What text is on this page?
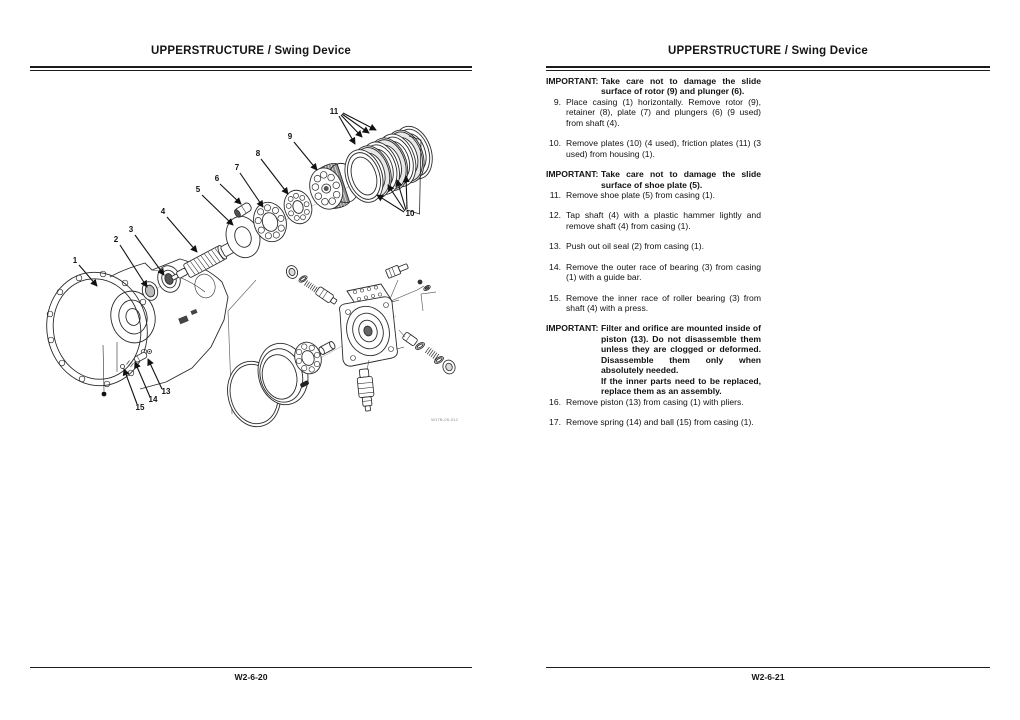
UPPERSTRUCTURE / Swing Device
1
2
3
4
5
6
7
8
9
11
10
13
14
15
W17B-05-012
W2-6-20
UPPERSTRUCTURE / Swing Device
IMPORTANT: Take care not to damage the slide surface of rotor (9) and plunger (6).
9. Place casing (1) horizontally. Remove rotor (9), retainer (8), plate (7) and plungers (6) (9 used) from shaft (4).
10. Remove plates (10) (4 used), friction plates (11) (3 used) from housing (1).
IMPORTANT: Take care not to damage the slide surface of shoe plate (5).
11. Remove shoe plate (5) from casing (1).
12. Tap shaft (4) with a plastic hammer lightly and remove shaft (4) from casing (1).
13. Push out oil seal (2) from casing (1).
14. Remove the outer race of bearing (3) from casing (1) with a guide bar.
15. Remove the inner race of roller bearing (3) from shaft (4) with a press.
IMPORTANT: Filter and orifice are mounted inside of piston (13). Do not disassemble them unless they are clogged or deformed. Disassemble them only when absolutely needed.
If the inner parts need to be replaced, replace them as an assembly.
16. Remove piston (13) from casing (1) with pliers.
17. Remove spring (14) and ball (15) from casing (1).
W2-6-21
